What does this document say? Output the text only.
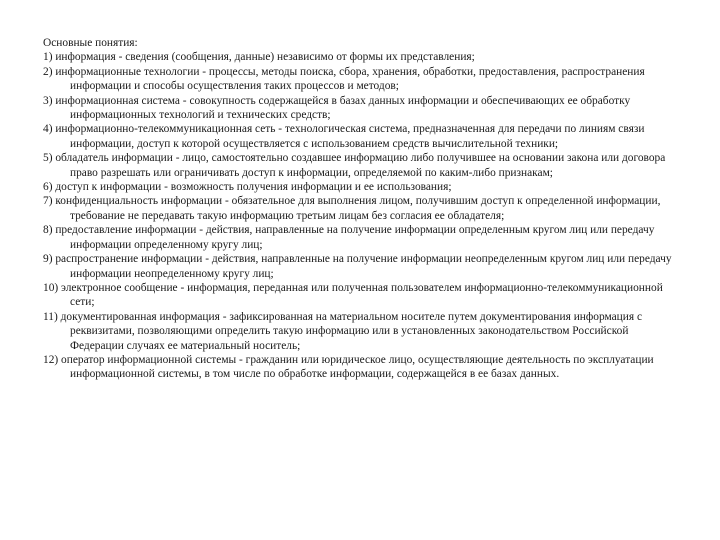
Основные понятия:

1) информация - сведения (сообщения, данные) независимо от формы их представления;

2) информационные технологии - процессы, методы поиска, сбора, хранения, обработки, предоставления, распространения информации и способы осуществления таких процессов и методов;

3) информационная система - совокупность содержащейся в базах данных информации и обеспечивающих ее обработку информационных технологий и технических средств;

4) информационно-телекоммуникационная сеть - технологическая система, предназначенная для передачи по линиям связи информации, доступ к которой осуществляется с использованием средств вычислительной техники;

5) обладатель информации - лицо, самостоятельно создавшее информацию либо получившее на основании закона или договора право разрешать или ограничивать доступ к информации, определяемой по каким-либо признакам;

6) доступ к информации - возможность получения информации и ее использования;

7) конфиденциальность информации - обязательное для выполнения лицом, получившим доступ к определенной информации, требование не передавать такую информацию третьим лицам без согласия ее обладателя;

8) предоставление информации - действия, направленные на получение информации определенным кругом лиц или передачу информации определенному кругу лиц;

9) распространение информации - действия, направленные на получение информации неопределенным кругом лиц или передачу информации неопределенному кругу лиц;

10) электронное сообщение - информация, переданная или полученная пользователем информационно-телекоммуникационной сети;

11) документированная информация - зафиксированная на материальном носителе путем документирования информация с реквизитами, позволяющими определить такую информацию или в установленных законодательством Российской Федерации случаях ее материальный носитель;

12) оператор информационной системы - гражданин или юридическое лицо, осуществляющие деятельность по эксплуатации информационной системы, в том числе по обработке информации, содержащейся в ее базах данных.
